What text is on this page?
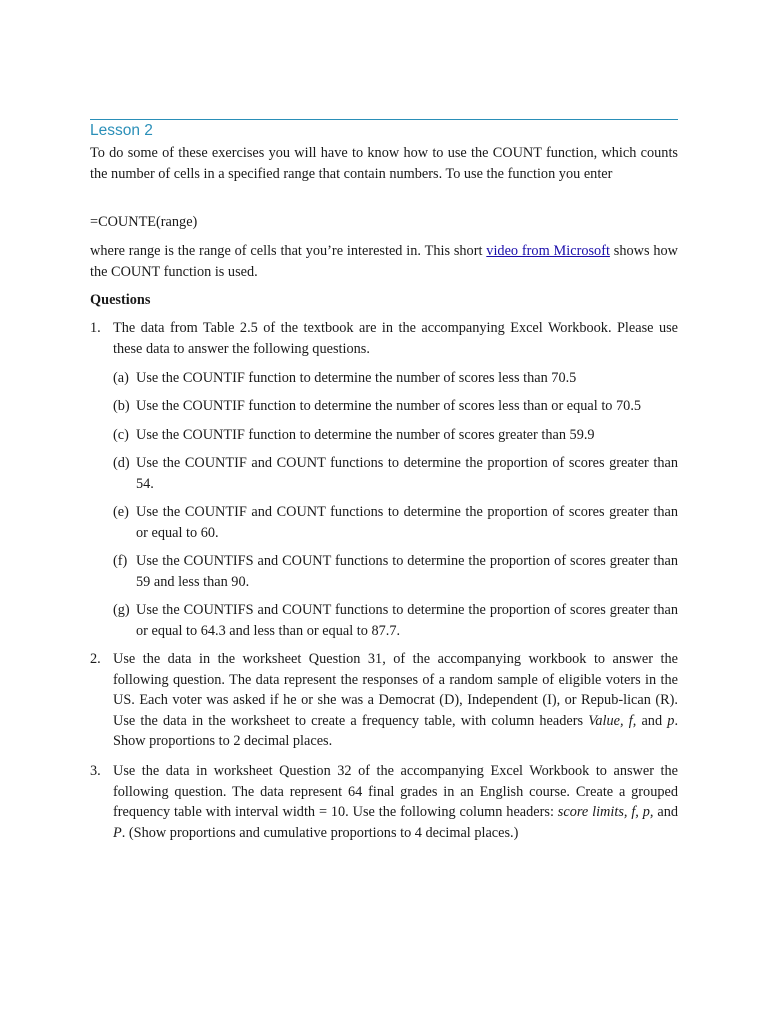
Lesson 2
To do some of these exercises you will have to know how to use the COUNT function, which counts the number of cells in a specified range that contain numbers. To use the function you enter
=COUNTE(range)
where range is the range of cells that you’re interested in. This short video from Microsoft shows how the COUNT function is used.
Questions
1. The data from Table 2.5 of the textbook are in the accompanying Excel Workbook. Please use these data to answer the following questions.
(a) Use the COUNTIF function to determine the number of scores less than 70.5
(b) Use the COUNTIF function to determine the number of scores less than or equal to 70.5
(c) Use the COUNTIF function to determine the number of scores greater than 59.9
(d) Use the COUNTIF and COUNT functions to determine the proportion of scores greater than 54.
(e) Use the COUNTIF and COUNT functions to determine the proportion of scores greater than or equal to 60.
(f) Use the COUNTIFS and COUNT functions to determine the proportion of scores greater than 59 and less than 90.
(g) Use the COUNTIFS and COUNT functions to determine the proportion of scores greater than or equal to 64.3 and less than or equal to 87.7.
2. Use the data in the worksheet Question 31, of the accompanying workbook to answer the following question. The data represent the responses of a random sample of eligible voters in the US. Each voter was asked if he or she was a Democrat (D), Independent (I), or Repub-lican (R). Use the data in the worksheet to create a frequency table, with column headers Value, f, and p. Show proportions to 2 decimal places.
3. Use the data in worksheet Question 32 of the accompanying Excel Workbook to answer the following question. The data represent 64 final grades in an English course. Create a grouped frequency table with interval width = 10. Use the following column headers: score limits, f, p, and P. (Show proportions and cumulative proportions to 4 decimal places.)
